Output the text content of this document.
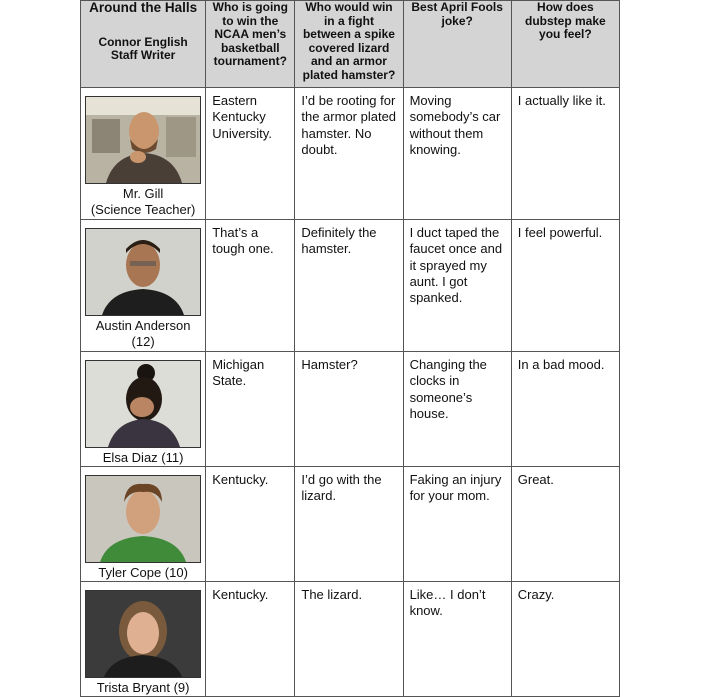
Around the Halls
Connor English
Staff Writer	Who is going to win the NCAA men’s basketball tournament?	Who would win in a fight between a spike covered lizard and an armor plated hamster?	Best April Fools joke?	How does dubstep make you feel?

Mr. Gill
(Science Teacher)	Eastern Kentucky University.	I’d be rooting for the armor plated hamster. No doubt.	Moving somebody’s car without them knowing.	I actually like it.

Austin Anderson
(12)	That’s a tough one.	Definitely the hamster.	I duct taped the faucet once and it sprayed my aunt. I got spanked.	I feel powerful.

Elsa Diaz (11)	Michigan State.	Hamster?	Changing the clocks in someone’s house.	In a bad mood.

Tyler Cope (10)	Kentucky.	I’d go with the lizard.	Faking an injury for your mom.	Great.

Trista Bryant (9)	Kentucky.	The lizard.	Like… I don’t know.	Crazy.
